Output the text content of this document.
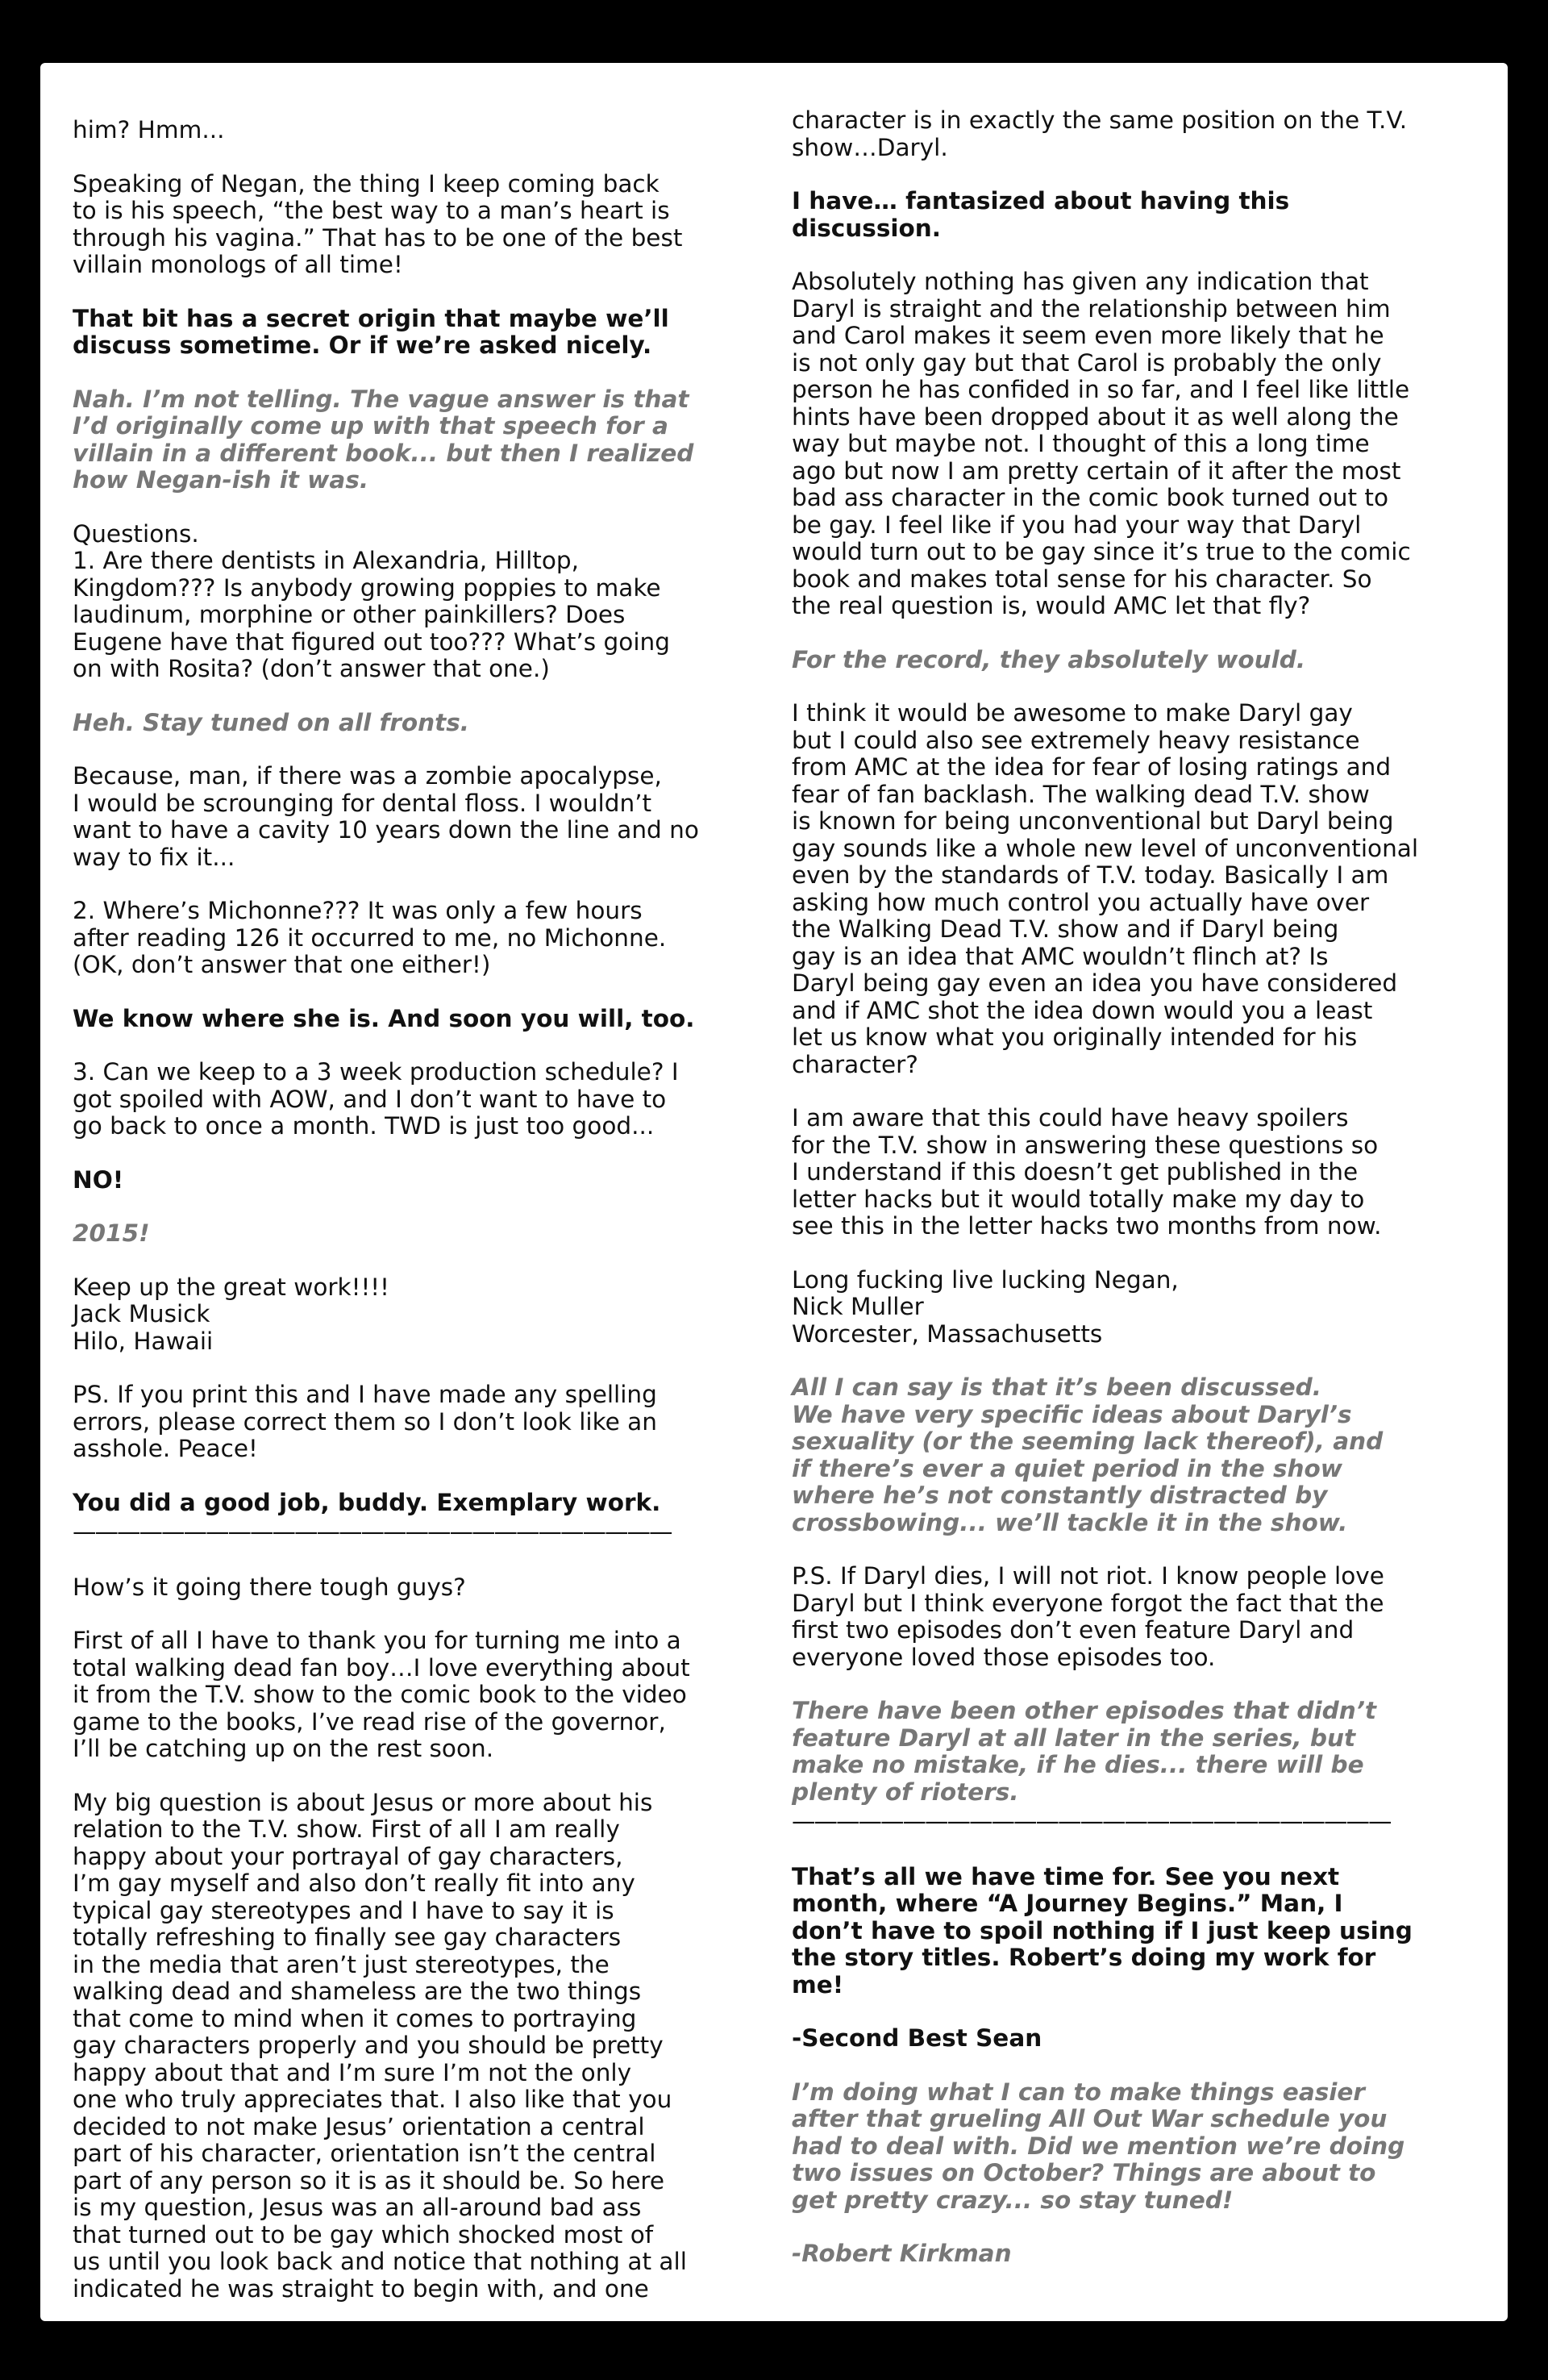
him? Hmm...

Speaking of Negan, the thing I keep coming back
to is his speech, “the best way to a man’s heart is
through his vagina.” That has to be one of the best
villain monologs of all time!

That bit has a secret origin that maybe we’ll
discuss sometime. Or if we’re asked nicely.

Nah. I’m not telling. The vague answer is that
I’d originally come up with that speech for a
villain in a different book... but then I realized
how Negan-ish it was.

Questions.
1. Are there dentists in Alexandria, Hilltop,
Kingdom??? Is anybody growing poppies to make
laudinum, morphine or other painkillers? Does
Eugene have that figured out too??? What’s going
on with Rosita? (don’t answer that one.)

Heh. Stay tuned on all fronts.

Because, man, if there was a zombie apocalypse,
I would be scrounging for dental floss. I wouldn’t
want to have a cavity 10 years down the line and no
way to fix it...

2. Where’s Michonne??? It was only a few hours
after reading 126 it occurred to me, no Michonne.
(OK, don’t answer that one either!)

We know where she is. And soon you will, too.

3. Can we keep to a 3 week production schedule? I
got spoiled with AOW, and I don’t want to have to
go back to once a month. TWD is just too good...

NO!

2015!

Keep up the great work!!!!
Jack Musick
Hilo, Hawaii

PS. If you print this and I have made any spelling
errors, please correct them so I don’t look like an
asshole. Peace!

You did a good job, buddy. Exemplary work.

———————————————————————————

How’s it going there tough guys?

First of all I have to thank you for turning me into a
total walking dead fan boy…I love everything about
it from the T.V. show to the comic book to the video
game to the books, I’ve read rise of the governor,
I’ll be catching up on the rest soon.

My big question is about Jesus or more about his
relation to the T.V. show. First of all I am really
happy about your portrayal of gay characters,
I’m gay myself and also don’t really fit into any
typical gay stereotypes and I have to say it is
totally refreshing to finally see gay characters
in the media that aren’t just stereotypes, the
walking dead and shameless are the two things
that come to mind when it comes to portraying
gay characters properly and you should be pretty
happy about that and I’m sure I’m not the only
one who truly appreciates that. I also like that you
decided to not make Jesus’ orientation a central
part of his character, orientation isn’t the central
part of any person so it is as it should be. So here
is my question, Jesus was an all-around bad ass
that turned out to be gay which shocked most of
us until you look back and notice that nothing at all
indicated he was straight to begin with, and one

character is in exactly the same position on the T.V.
show…Daryl.

I have… fantasized about having this
discussion.

Absolutely nothing has given any indication that
Daryl is straight and the relationship between him
and Carol makes it seem even more likely that he
is not only gay but that Carol is probably the only
person he has confided in so far, and I feel like little
hints have been dropped about it as well along the
way but maybe not. I thought of this a long time
ago but now I am pretty certain of it after the most
bad ass character in the comic book turned out to
be gay. I feel like if you had your way that Daryl
would turn out to be gay since it’s true to the comic
book and makes total sense for his character. So
the real question is, would AMC let that fly?

For the record, they absolutely would.

I think it would be awesome to make Daryl gay
but I could also see extremely heavy resistance
from AMC at the idea for fear of losing ratings and
fear of fan backlash. The walking dead T.V. show
is known for being unconventional but Daryl being
gay sounds like a whole new level of unconventional
even by the standards of T.V. today. Basically I am
asking how much control you actually have over
the Walking Dead T.V. show and if Daryl being
gay is an idea that AMC wouldn’t flinch at? Is
Daryl being gay even an idea you have considered
and if AMC shot the idea down would you a least
let us know what you originally intended for his
character?

I am aware that this could have heavy spoilers
for the T.V. show in answering these questions so
I understand if this doesn’t get published in the
letter hacks but it would totally make my day to
see this in the letter hacks two months from now.

Long fucking live lucking Negan,
Nick Muller
Worcester, Massachusetts

All I can say is that it’s been discussed.
We have very specific ideas about Daryl’s
sexuality (or the seeming lack thereof), and
if there’s ever a quiet period in the show
where he’s not constantly distracted by
crossbowing... we’ll tackle it in the show.

P.S. If Daryl dies, I will not riot. I know people love
Daryl but I think everyone forgot the fact that the
first two episodes don’t even feature Daryl and
everyone loved those episodes too.

There have been other episodes that didn’t
feature Daryl at all later in the series, but
make no mistake, if he dies... there will be
plenty of rioters.

———————————————————————————

That’s all we have time for. See you next
month, where “A Journey Begins.” Man, I
don’t have to spoil nothing if I just keep using
the story titles. Robert’s doing my work for
me!

-Second Best Sean

I’m doing what I can to make things easier
after that grueling All Out War schedule you
had to deal with. Did we mention we’re doing
two issues on October? Things are about to
get pretty crazy... so stay tuned!

-Robert Kirkman
